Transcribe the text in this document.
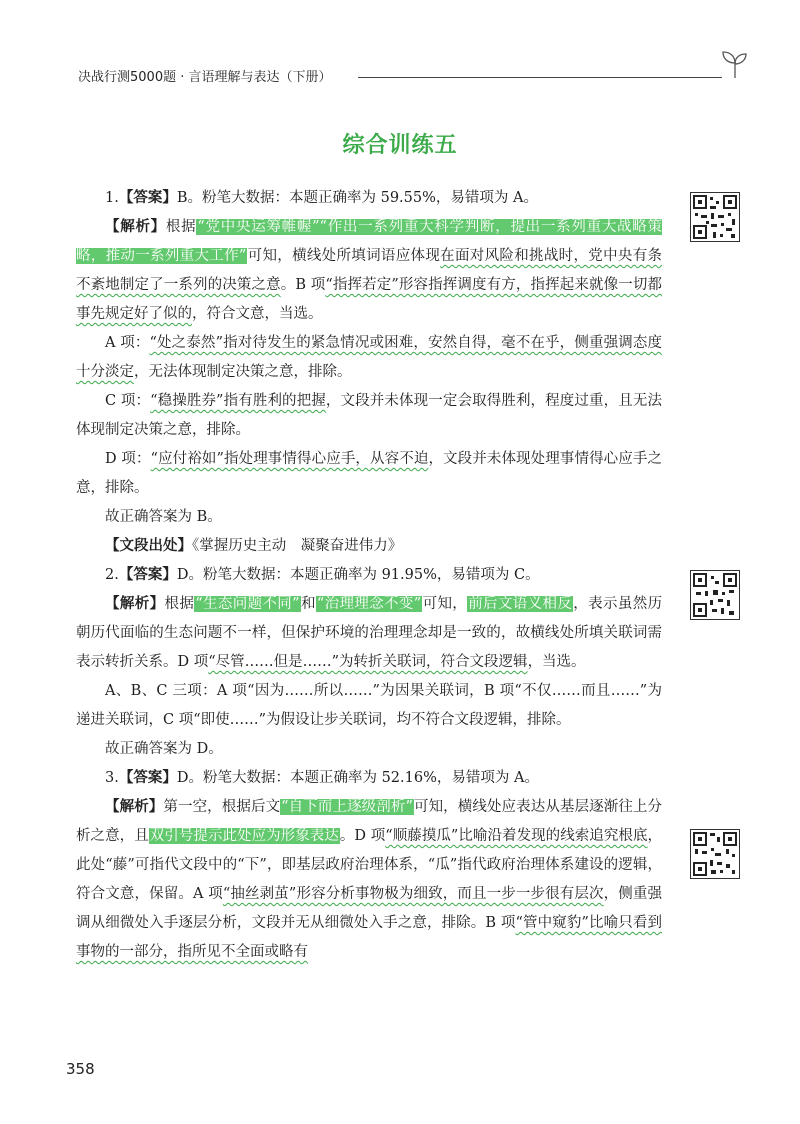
决战行测5000题 · 言语理解与表达（下册）
综合训练五

1.【答案】B。粉笔大数据：本题正确率为 59.55%，易错项为 A。

【解析】根据“党中央运筹帷幄”“作出一系列重大科学判断，提出一系列重大战略策略，推动一系列重大工作”可知，横线处所填词语应体现在面对风险和挑战时，党中央有条不紊地制定了一系列的决策之意。B 项“指挥若定”形容指挥调度有方，指挥起来就像一切都事先规定好了似的，符合文意，当选。

A 项：“处之泰然”指对待发生的紧急情况或困难，安然自得，毫不在乎，侧重强调态度十分淡定，无法体现制定决策之意，排除。

C 项：“稳操胜券”指有胜利的把握，文段并未体现一定会取得胜利，程度过重，且无法体现制定决策之意，排除。

D 项：“应付裕如”指处理事情得心应手，从容不迫，文段并未体现处理事情得心应手之意，排除。

故正确答案为 B。

【文段出处】《掌握历史主动　凝聚奋进伟力》

2.【答案】D。粉笔大数据：本题正确率为 91.95%，易错项为 C。

【解析】根据“生态问题不同”和“治理理念不变”可知，前后文语义相反，表示虽然历朝历代面临的生态问题不一样，但保护环境的治理理念却是一致的，故横线处所填关联词需表示转折关系。D 项“尽管……但是……”为转折关联词，符合文段逻辑，当选。

A、B、C 三项：A 项“因为……所以……”为因果关联词，B 项“不仅……而且……”为递进关联词，C 项“即使……”为假设让步关联词，均不符合文段逻辑，排除。

故正确答案为 D。

3.【答案】D。粉笔大数据：本题正确率为 52.16%，易错项为 A。

【解析】第一空，根据后文“自下而上逐级剖析”可知，横线处应表达从基层逐渐往上分析之意，且双引号提示此处应为形象表达。D 项“顺藤摸瓜”比喻沿着发现的线索追究根底，此处“藤”可指代文段中的“下”，即基层政府治理体系，“瓜”指代政府治理体系建设的逻辑，符合文意，保留。A 项“抽丝剥茧”形容分析事物极为细致，而且一步一步很有层次，侧重强调从细微处入手逐层分析，文段并无从细微处入手之意，排除。B 项“管中窥豹”比喻只看到事物的一部分，指所见不全面或略有

358
